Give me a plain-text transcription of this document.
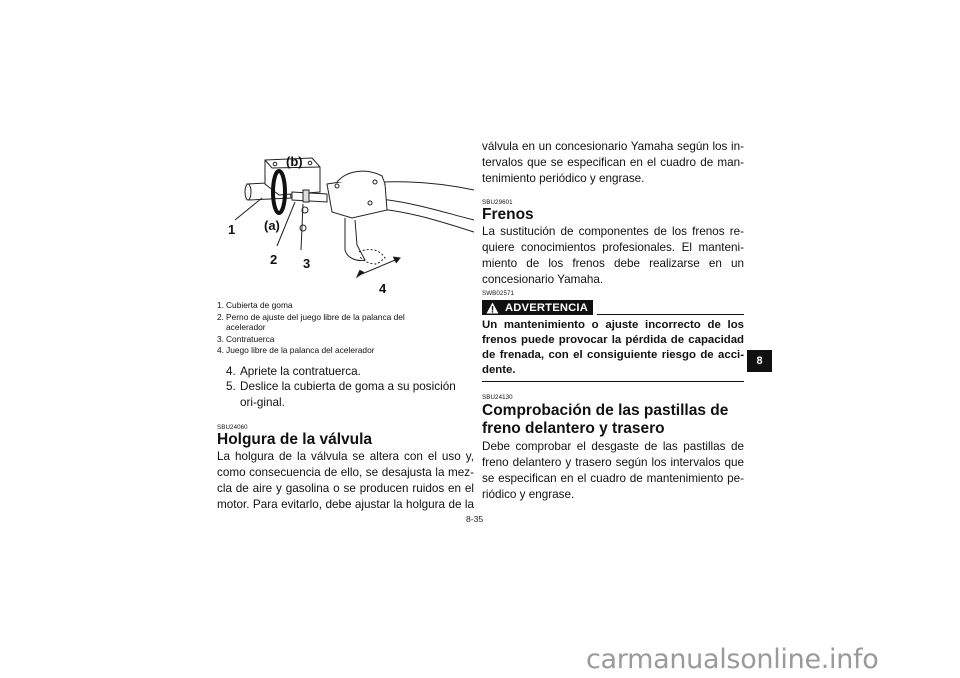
(b)
(a)
1
2 3
4
1. Cubierta de goma
2. Perno de ajuste del juego libre de la palanca del acelerador
3. Contratuerca
4. Juego libre de la palanca del acelerador
4. Apriete la contratuerca.
5. Deslice la cubierta de goma a su posición ori-ginal.
SBU24060
Holgura de la válvula

La holgura de la válvula se altera con el uso y, como consecuencia de ello, se desajusta la mez-cla de aire y gasolina o se producen ruidos en el motor. Para evitarlo, debe ajustar la holgura de la

válvula en un concesionario Yamaha según los in-tervalos que se especifican en el cuadro de man-tenimiento periódico y engrase.

SBU29601
Frenos

La sustitución de componentes de los frenos re-quiere conocimientos profesionales. El manteni-miento de los frenos debe realizarse en un concesionario Yamaha.

SWB02571
ADVERTENCIA
Un mantenimiento o ajuste incorrecto de los frenos puede provocar la pérdida de capacidad de frenada, con el consiguiente riesgo de acci-dente.
SBU24130
Comprobación de las pastillas de freno delantero y trasero

Debe comprobar el desgaste de las pastillas de freno delantero y trasero según los intervalos que se especifican en el cuadro de mantenimiento pe-riódico y engrase.

8-35
8
carmanualsonline.info
